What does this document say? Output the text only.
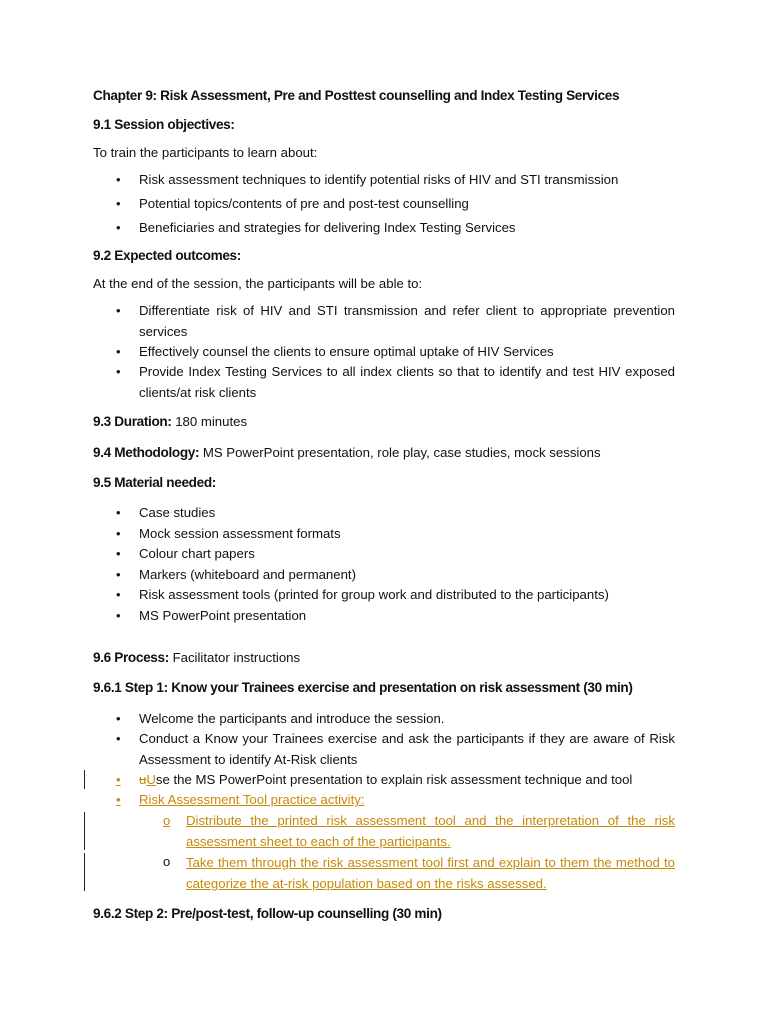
Chapter 9: Risk Assessment, Pre and Posttest counselling and Index Testing Services
9.1 Session objectives:
To train the participants to learn about:
• Risk assessment techniques to identify potential risks of HIV and STI transmission
• Potential topics/contents of pre and post-test counselling
• Beneficiaries and strategies for delivering Index Testing Services
9.2 Expected outcomes:
At the end of the session, the participants will be able to:
• Differentiate risk of HIV and STI transmission and refer client to appropriate prevention services
• Effectively counsel the clients to ensure optimal uptake of HIV Services
• Provide Index Testing Services to all index clients so that to identify and test HIV exposed clients/at risk clients
9.3 Duration: 180 minutes
9.4 Methodology: MS PowerPoint presentation, role play, case studies, mock sessions
9.5 Material needed:
• Case studies
• Mock session assessment formats
• Colour chart papers
• Markers (whiteboard and permanent)
• Risk assessment tools (printed for group work and distributed to the participants)
• MS PowerPoint presentation
9.6 Process: Facilitator instructions
9.6.1 Step 1: Know your Trainees exercise and presentation on risk assessment (30 min)
• Welcome the participants and introduce the session.
• Conduct a Know your Trainees exercise and ask the participants if they are aware of Risk Assessment to identify At-Risk clients
•	uUse the MS PowerPoint presentation to explain risk assessment technique and tool
•	Risk Assessment Tool practice activity:
o Distribute the printed risk assessment tool and the interpretation of the risk assessment sheet to each of the participants.
o Take them through the risk assessment tool first and explain to them the method to categorize the at-risk population based on the risks assessed.
9.6.2 Step 2: Pre/post-test, follow-up counselling (30 min)
